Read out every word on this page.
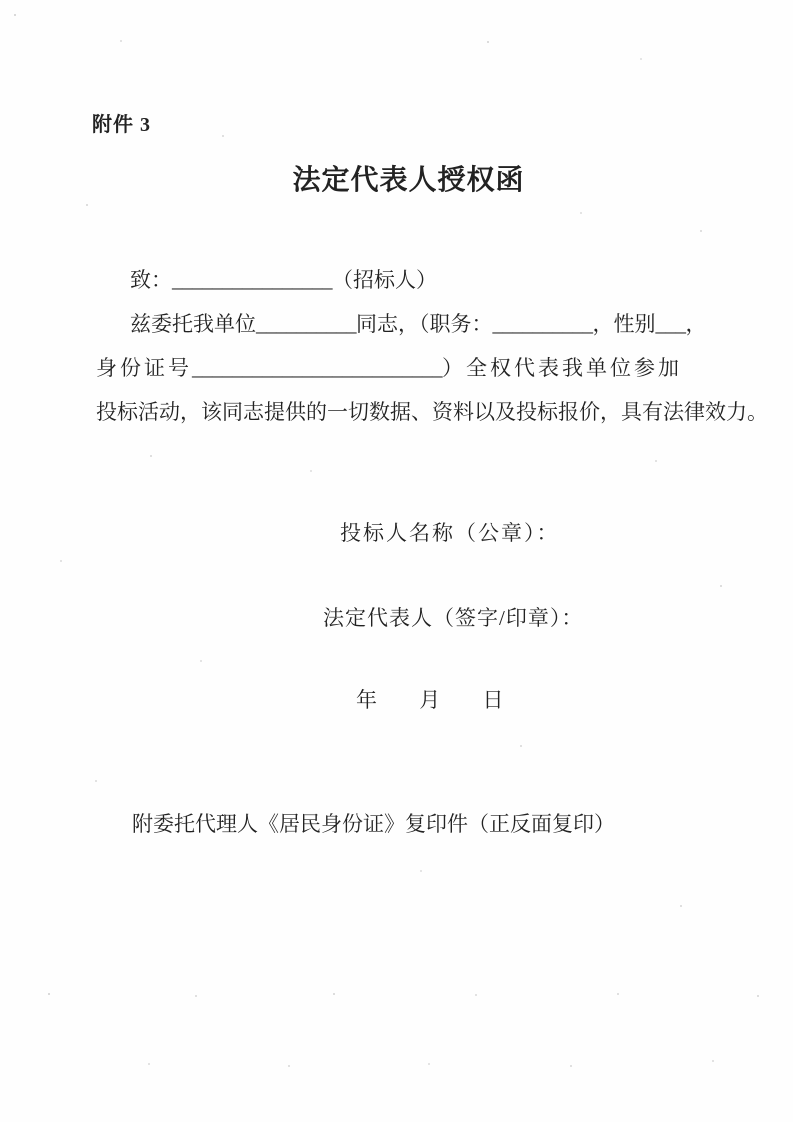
附件 3
法定代表人授权函
致：________________（招标人）
兹委托我单位__________同志，（职务：__________，性别___，
身份证号_________________________）全权代表我单位参加
投标活动，该同志提供的一切数据、资料以及投标报价，具有法律效力。
投标人名称（公章）：
法定代表人（签字/印章）：
年 月 日
附委托代理人《居民身份证》复印件（正反面复印）
